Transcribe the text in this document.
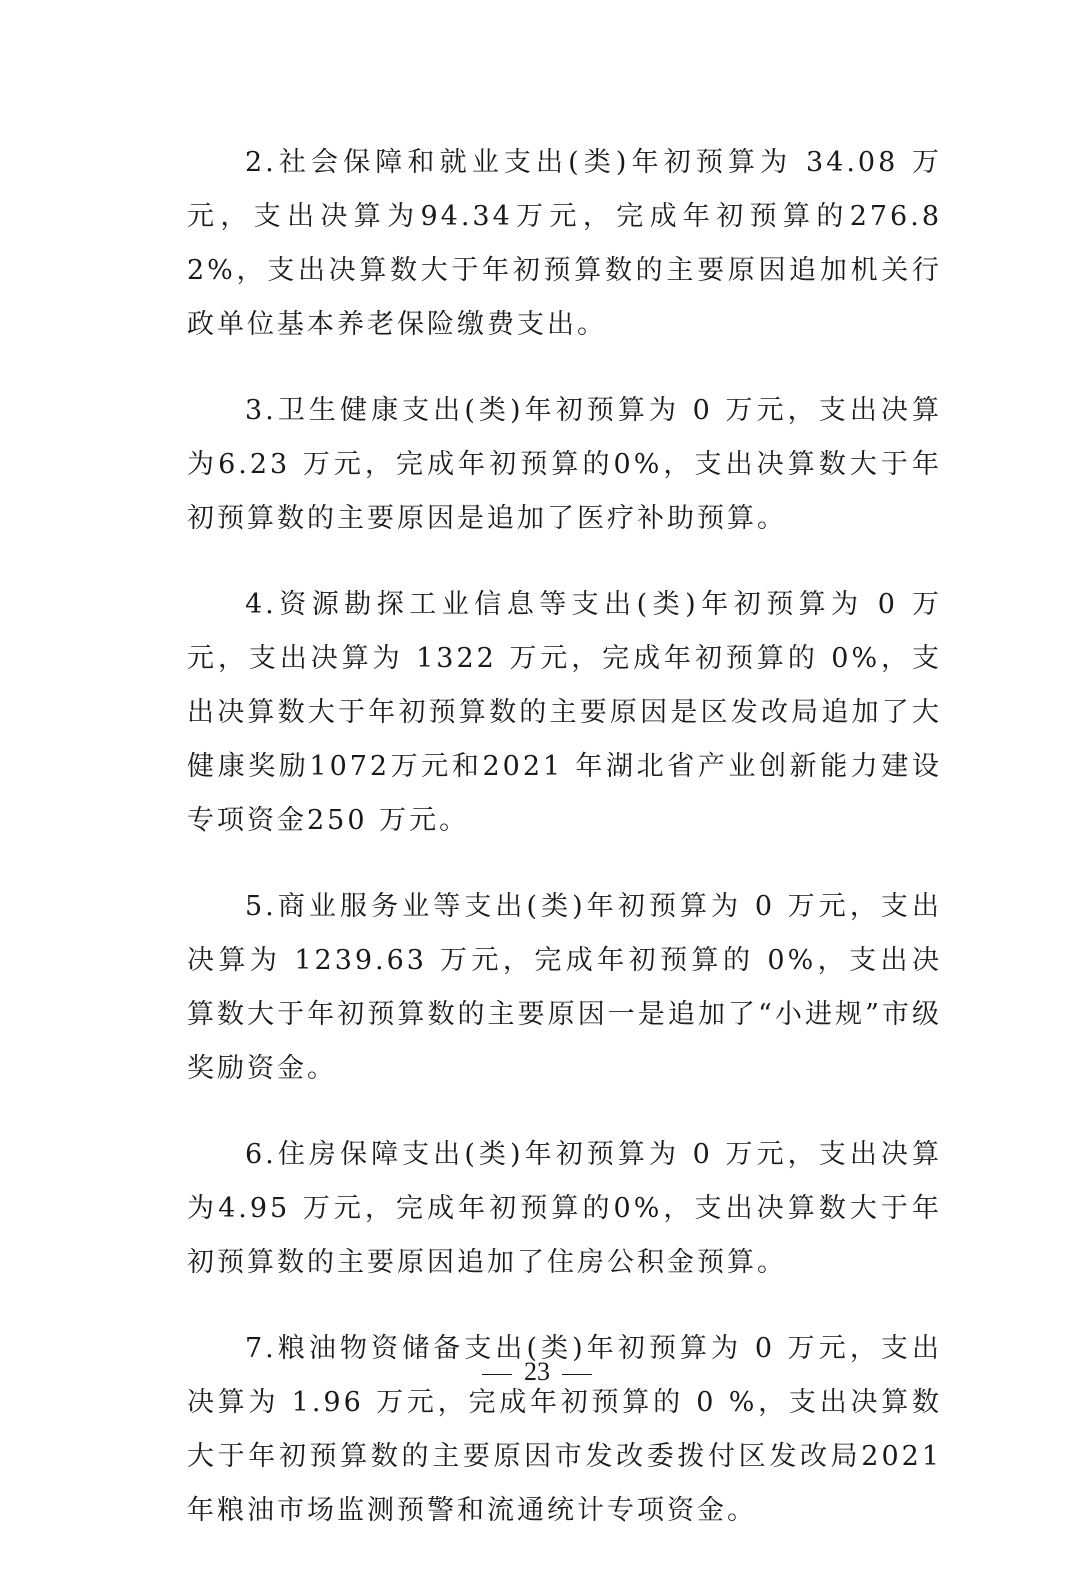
2.社会保障和就业支出(类)年初预算为 34.08 万元，支出决算为94.34万元，完成年初预算的276.82%，支出决算数大于年初预算数的主要原因追加机关行政单位基本养老保险缴费支出。

3.卫生健康支出(类)年初预算为 0 万元，支出决算为6.23 万元，完成年初预算的0%，支出决算数大于年初预算数的主要原因是追加了医疗补助预算。

4.资源勘探工业信息等支出(类)年初预算为 0 万元，支出决算为 1322 万元，完成年初预算的 0%，支出决算数大于年初预算数的主要原因是区发改局追加了大健康奖励1072万元和2021 年湖北省产业创新能力建设专项资金250 万元。

5.商业服务业等支出(类)年初预算为 0 万元，支出决算为 1239.63 万元，完成年初预算的 0%，支出决算数大于年初预算数的主要原因一是追加了“小进规”市级奖励资金。

6.住房保障支出(类)年初预算为 0 万元，支出决算为4.95 万元，完成年初预算的0%，支出决算数大于年初预算数的主要原因追加了住房公积金预算。

7.粮油物资储备支出(类)年初预算为 0 万元，支出决算为 1.96 万元，完成年初预算的 0 %，支出决算数大于年初预算数的主要原因市发改委拨付区发改局2021年粮油市场监测预警和流通统计专项资金。

23
